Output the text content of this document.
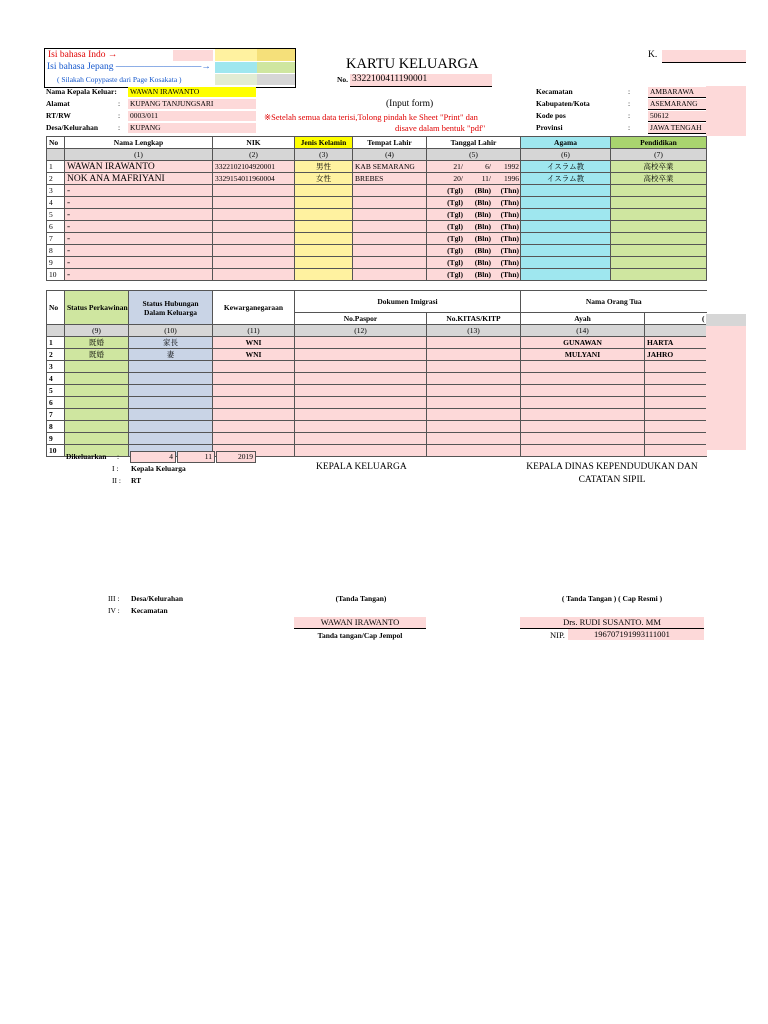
Isi bahasa Indo →
Isi bahasa Jepang —————————→
( Silakah Copypaste dari Page Kosakata )
K.
KARTU KELUARGA
No. 3322100411190001
(Input form)
※Setelah semua data terisi,Tolong pindah ke Sheet "Print" dan
disave dalam bentuk "pdf"
Nama Kepala Keluar: WAWAN IRAWANTO
Alamat	: KUPANG TANJUNGSARI
RT/RW	: 0003/011
Desa/Kelurahan	: KUPANG
Kecamatan	:	AMBARAWA
Kabupaten/Kota	:	ASEMARANG
Kode pos	:	50612
Provinsi	:	JAWA TENGAH
No	Nama Lengkap	NIK	Jenis Kelamin	Tempat Lahir	Tanggal Lahir	Agama	Pendidikan
	(1)	(2)	(3)	(4)	(5)	(6)	(7)
1	WAWAN IRAWANTO	3322102104920001	男性	KAB SEMARANG	21/ 6/ 1992	イスラム教	高校卒業
2	NOK ANA MAFRIYANI	3329154011960004	女性	BREBES	20/ 11/ 1996	イスラム教	高校卒業
3	-				(Tgl) (Bln) (Thn)		
4	-				(Tgl) (Bln) (Thn)		
5	-				(Tgl) (Bln) (Thn)		
6	-				(Tgl) (Bln) (Thn)		
7	-				(Tgl) (Bln) (Thn)		
8	-				(Tgl) (Bln) (Thn)		
9	-				(Tgl) (Bln) (Thn)		
10	-				(Tgl) (Bln) (Thn)		
No	Status Perkawinan	Status Hubungan
Dalam Keluarga	Kewarganegaraan	Dokumen Imigrasi		Nama Orang Tua	
				No.Paspor	No.KITAS/KITP	Ayah	(
	(9)	(10)	(11)	(12)	(13)	(14)	
1	既婚	家長	WNI			GUNAWAN	HARTA
2	既婚	妻	WNI			MULYANI	JAHRO
3							
4							
5							
6							
7							
8							
9							
10							
Dikeluarkan :	4	11	2019
I : Kepala Keluarga
II : RT
III : Desa/Kelurahan
IV : Kecamatan
KEPALA KELUARGA	KEPALA DINAS KEPENDUDUKAN DAN
CATATAN SIPIL
(Tanda Tangan)	( Tanda Tangan ) ( Cap Resmi )
WAWAN IRAWANTO
Tanda tangan/Cap Jempol
Drs. RUDI SUSANTO. MM
NIP.	196707191993111001
